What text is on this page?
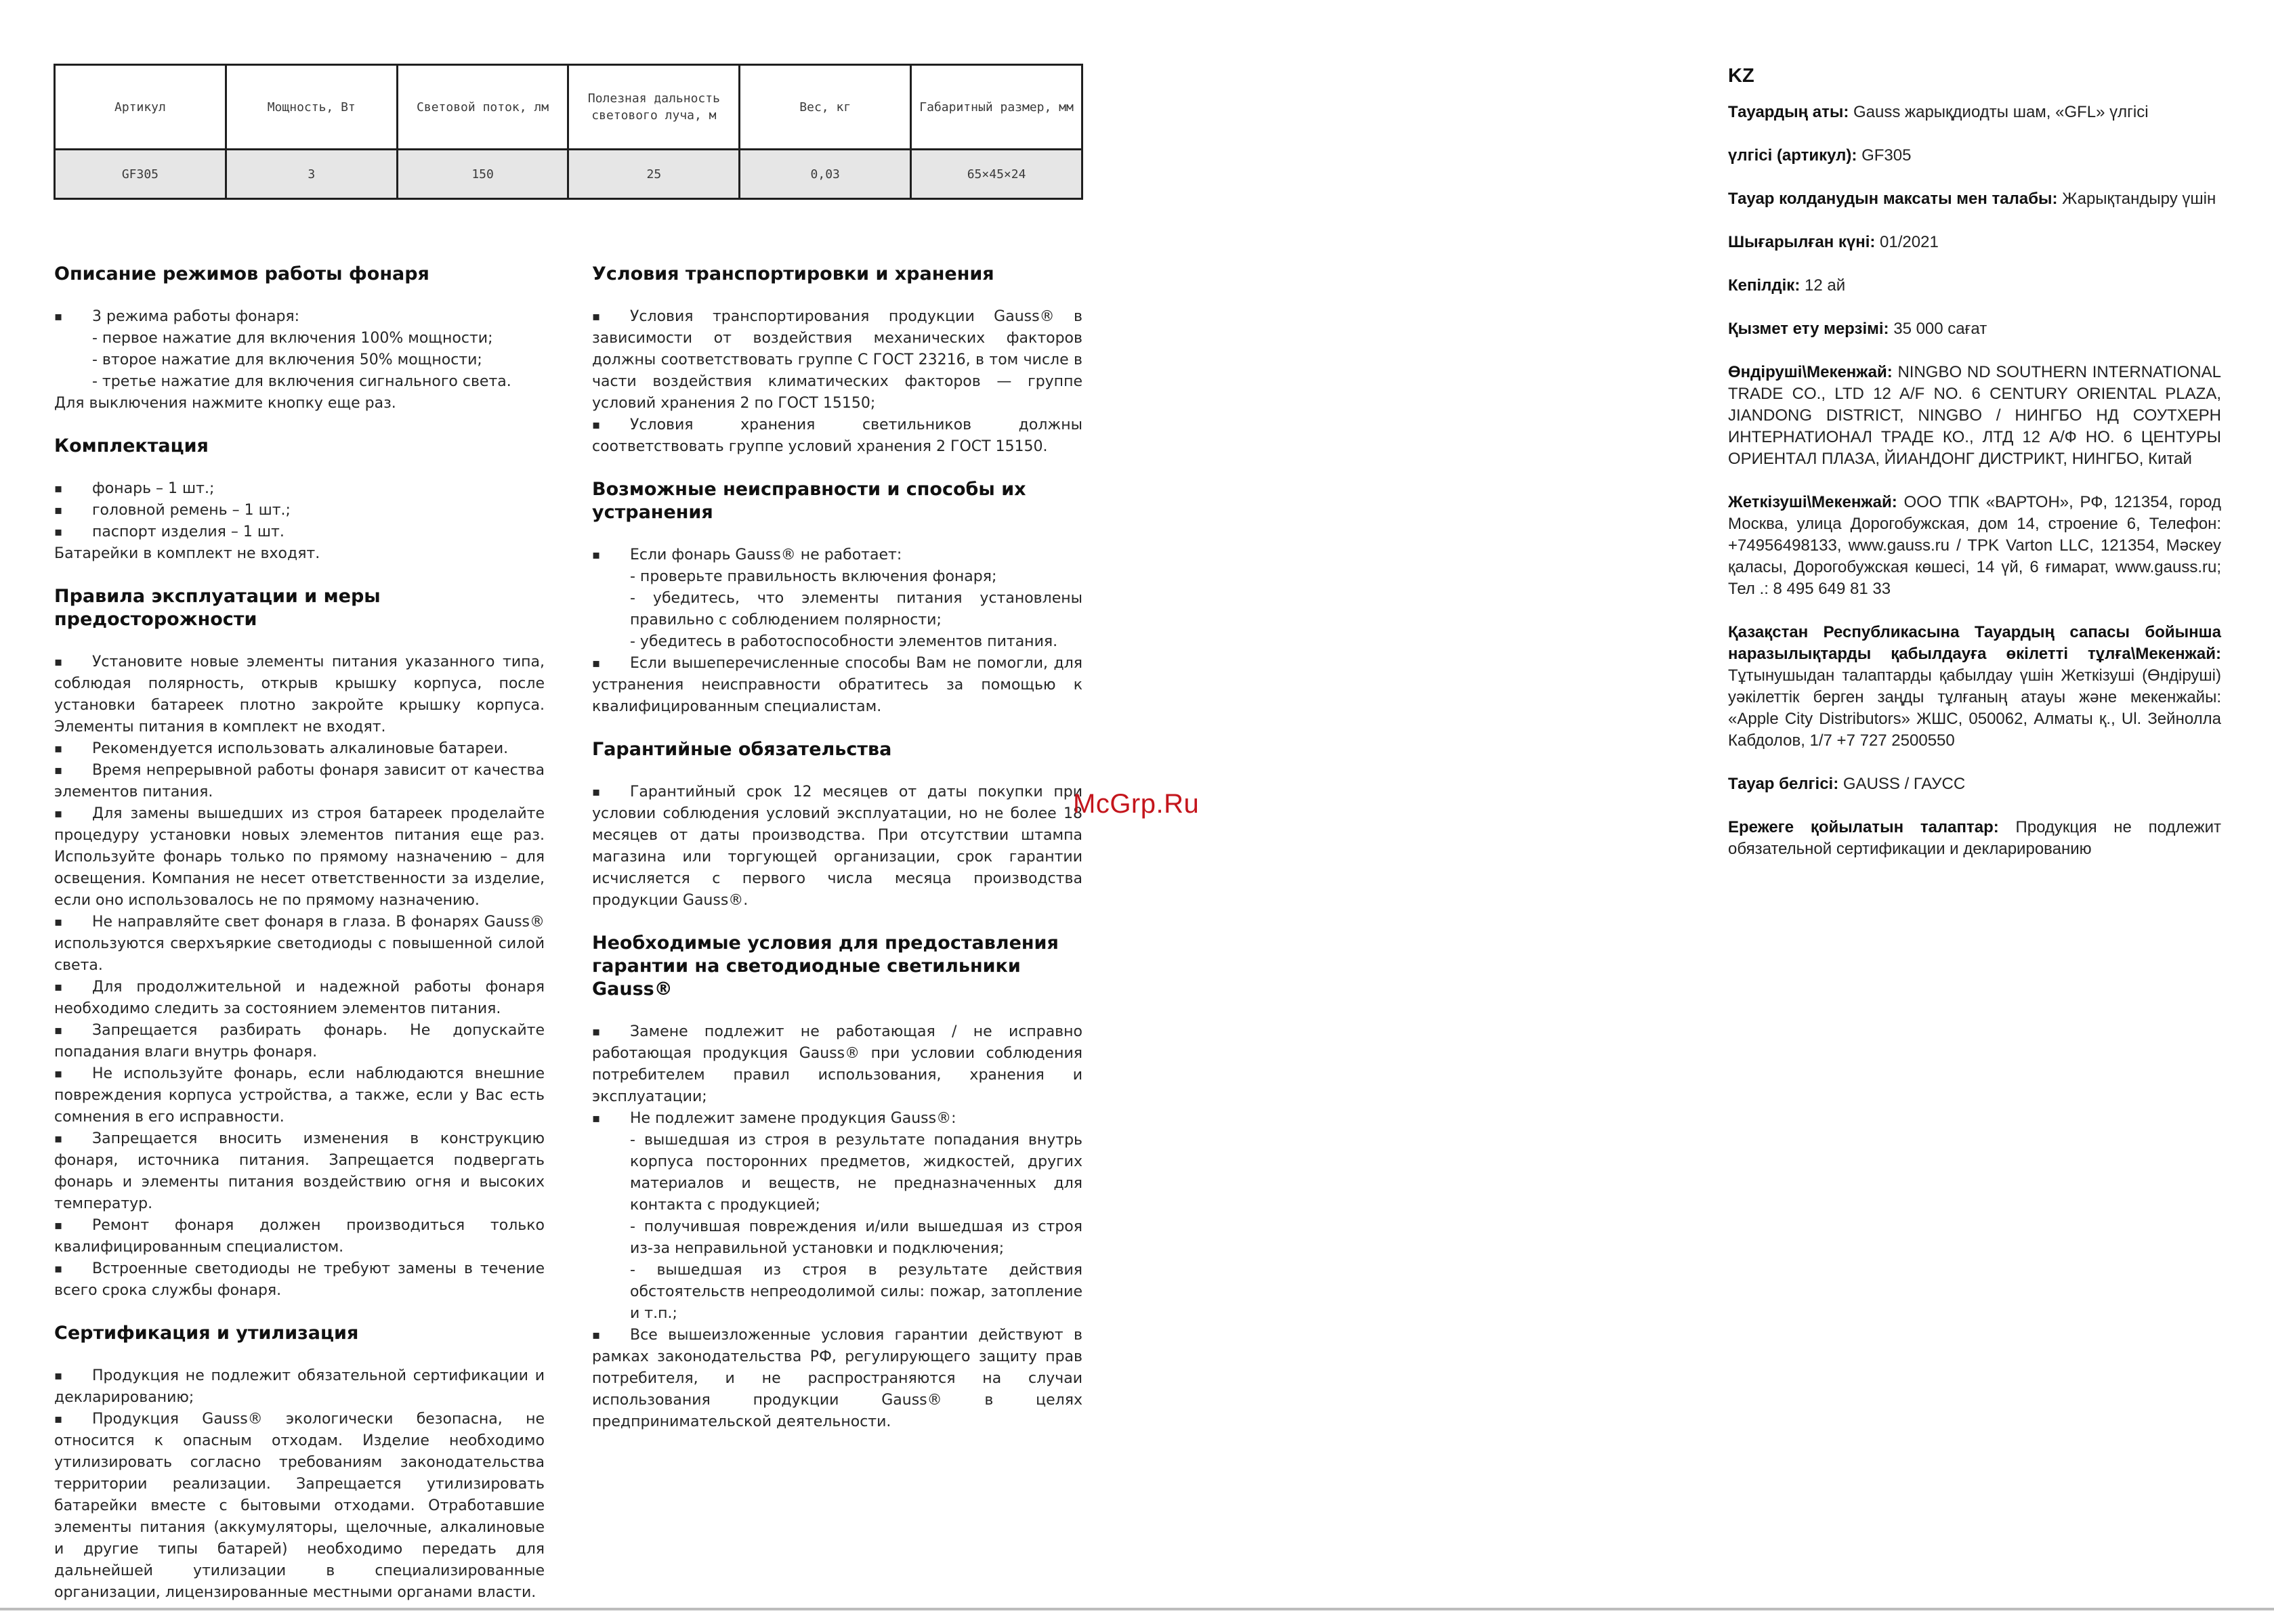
Артикул	Мощность, Вт	Световой поток, лм	Полезная дальность светового луча, м	Вес, кг	Габаритный размер, мм
GF305	3	150	25	0,03	65×45×24
Описание режимов работы фонаря

▪ 3 режима работы фонаря:

- первое нажатие для включения 100% мощности;

- второе нажатие для включения 50% мощности;

- третье нажатие для включения сигнального света.

Для выключения нажмите кнопку еще раз.

Комплектация

▪ фонарь – 1 шт.;

▪ головной ремень – 1 шт.;

▪ паспорт изделия – 1 шт.

Батарейки в комплект не входят.

Правила эксплуатации и меры предосторожности

▪ Установите новые элементы питания указанного типа, соблюдая полярность, открыв крышку корпуса, после установки батареек плотно закройте крышку корпуса. Элементы питания в комплект не входят.

▪ Рекомендуется использовать алкалиновые батареи.

▪ Время непрерывной работы фонаря зависит от качества элементов питания.

▪ Для замены вышедших из строя батареек проделайте процедуру установки новых элементов питания еще раз. Используйте фонарь только по прямому назначению – для освещения. Компания не несет ответственности за изделие, если оно использовалось не по прямому назначению.

▪ Не направляйте свет фонаря в глаза. В фонарях Gauss® используются сверхъяркие светодиоды с повышенной силой света.

▪ Для продолжительной и надежной работы фонаря необходимо следить за состоянием элементов питания.

▪ Запрещается разбирать фонарь. Не допускайте попадания влаги внутрь фонаря.

▪ Не используйте фонарь, если наблюдаются внешние повреждения корпуса устройства, а также, если у Вас есть сомнения в его исправности.

▪ Запрещается вносить изменения в конструкцию фонаря, источника питания. Запрещается подвергать фонарь и элементы питания воздействию огня и высоких температур.

▪ Ремонт фонаря должен производиться только квалифицированным специалистом.

▪ Встроенные светодиоды не требуют замены в течение всего срока службы фонаря.

Сертификация и утилизация

▪ Продукция не подлежит обязательной сертификации и декларированию;

▪ Продукция Gauss® экологически безопасна, не относится к опасным отходам. Изделие необходимо утилизировать согласно требованиям законодательства территории реализации. Запрещается утилизировать батарейки вместе с бытовыми отходами. Отработавшие элементы питания (аккумуляторы, щелочные, алкалиновые и другие типы батарей) необходимо передать для дальнейшей утилизации в специализированные организации, лицензированные местными органами власти.

Условия транспортировки и хранения

▪ Условия транспортирования продукции Gauss® в зависимости от воздействия механических факторов должны соответствовать группе С ГОСТ 23216, в том числе в части воздействия климатических факторов — группе условий хранения 2 по ГОСТ 15150;

▪ Условия хранения светильников должны соответствовать группе условий хранения 2 ГОСТ 15150.

Возможные неисправности и способы их устранения

▪ Если фонарь Gauss® не работает:

- проверьте правильность включения фонаря;

- убедитесь, что элементы питания установлены правильно с соблюдением полярности;

- убедитесь в работоспособности элементов питания.

▪ Если вышеперечисленные способы Вам не помогли, для устранения неисправности обратитесь за помощью к квалифицированным специалистам.

Гарантийные обязательства

▪ Гарантийный срок 12 месяцев от даты покупки при условии соблюдения условий эксплуатации, но не более 18 месяцев от даты производства. При отсутствии штампа магазина или торгующей организации, срок гарантии исчисляется с первого числа месяца производства продукции Gauss®.

Необходимые условия для предоставления гарантии на светодиодные светильники Gauss®

▪ Замене подлежит не работающая / не исправно работающая продукция Gauss® при условии соблюдения потребителем правил использования, хранения и эксплуатации;

▪ Не подлежит замене продукция Gauss®:

- вышедшая из строя в результате попадания внутрь корпуса посторонних предметов, жидкостей, других материалов и веществ, не предназначенных для контакта с продукцией;

- получившая повреждения и/или вышедшая из строя из-за неправильной установки и подключения;

- вышедшая из строя в результате действия обстоятельств непреодолимой силы: пожар, затопление и т.п.;

▪ Все вышеизложенные условия гарантии действуют в рамках законодательства РФ, регулирующего защиту прав потребителя, и не распространяются на случаи использования продукции Gauss® в целях предпринимательской деятельности.

McGrp.Ru
KZ

Тауардың аты: Gauss жарықдиодты шам, «GFL» үлгісі

үлгісі (артикул): GF305

Тауар колданудын максаты мен талабы: Жарықтандыру үшін

Шығарылған күні: 01/2021

Кепілдік: 12 ай

Қызмет ету мерзімі: 35 000 сағат

Өндіруші\Мекенжай: NINGBO ND SOUTHERN INTERNATIONAL TRADE CO., LTD 12 A/F NO. 6 CENTURY ORIENTAL PLAZA, JIANDONG DISTRICT, NINGBO / НИНГБО НД СОУТХЕРН ИНТЕРНАТИОНАЛ ТРАДЕ КО., ЛТД 12 А/Ф НО. 6 ЦЕНТУРЫ ОРИЕНТАЛ ПЛАЗА, ЙИАНДОНГ ДИСТРИКТ, НИНГБО, Китай

Жеткізуші\Мекенжай: ООО ТПК «ВАРТОН», РФ, 121354, город Москва, улица Дорогобужская, дом 14, строение 6, Телефон: +74956498133, www.gauss.ru / TPK Varton LLC, 121354, Мәскеу қаласы, Дорогобужская көшесі, 14 үй, 6 ғимарат, www.gauss.ru; Тел .: 8 495 649 81 33

Қазақстан Республикасына Тауардың сапасы бойынша наразылықтарды қабылдауға өкілетті тұлға\Мекенжай: Тұтынушыдан талаптарды қабылдау үшін Жеткізуші (Өндіруші) уәкілеттік берген заңды тұлғаның атауы және мекенжайы: «Apple City Distributors» ЖШС, 050062, Алматы қ., Ul. Зейнолла Кабдолов, 1/7 +7 727 2500550

Тауар белгісі: GAUSS / ГАУСС

Ережеге қойылатын талаптар: Продукция не подлежит обязательной сертификации и декларированию
